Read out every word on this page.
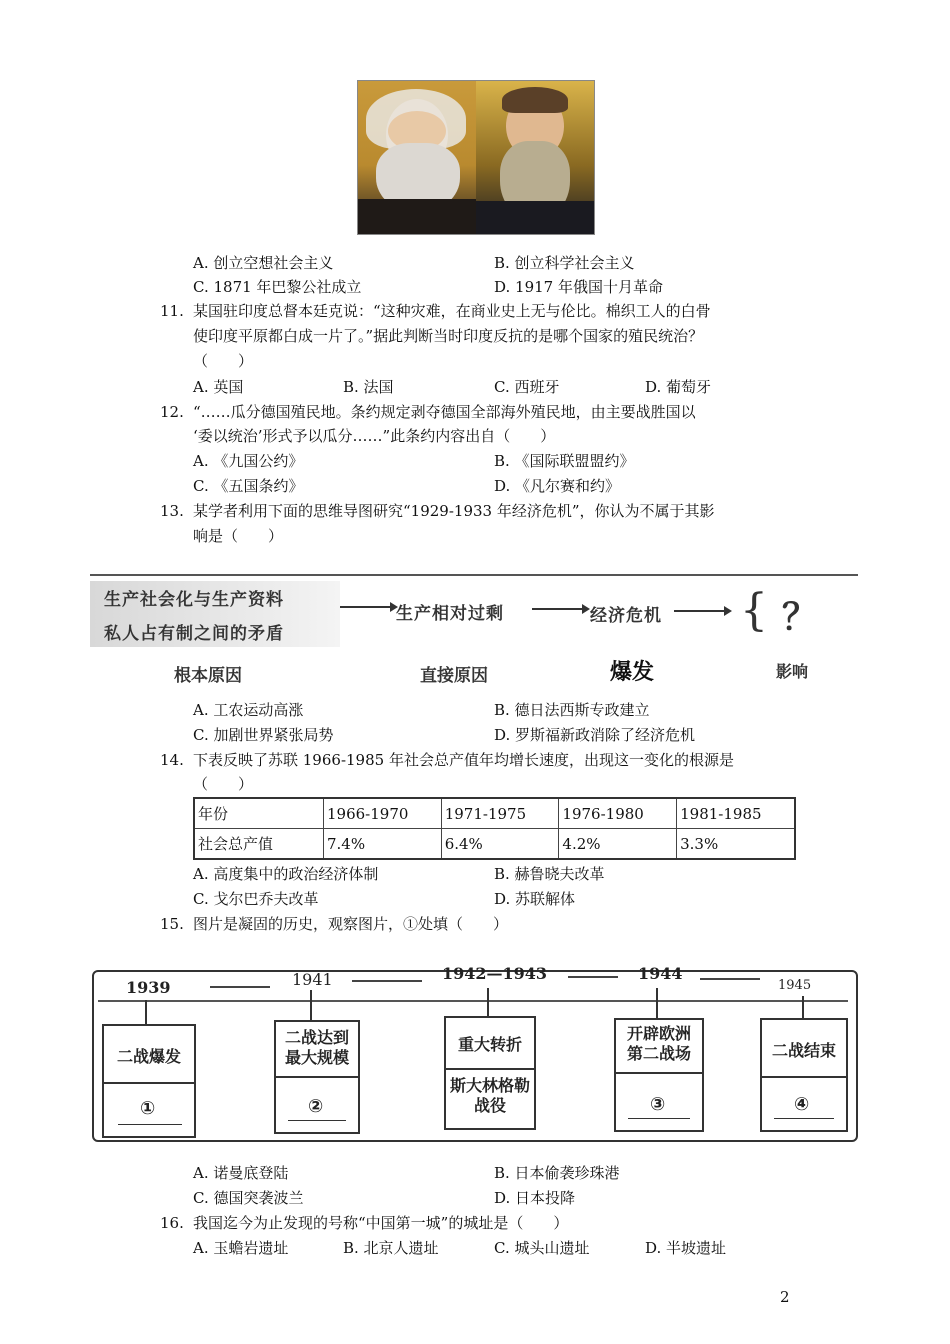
A. 创立空想社会主义	B. 创立科学社会主义
C. 1871 年巴黎公社成立	D. 1917 年俄国十月革命
11. 某国驻印度总督本廷克说：“这种灾难，在商业史上无与伦比。棉织工人的白骨
使印度平原都白成一片了。”据此判断当时印度反抗的是哪个国家的殖民统治？
（　　）
A. 英国	B. 法国	C. 西班牙	D. 葡萄牙
12. “……瓜分德国殖民地。条约规定剥夺德国全部海外殖民地，由主要战胜国以
‘委以统治’形式予以瓜分……”此条约内容出自（　　）
A. 《九国公约》	B. 《国际联盟盟约》
C. 《五国条约》	D. 《凡尔赛和约》
13. 某学者利用下面的思维导图研究“1929-1933 年经济危机”，你认为不属于其影
响是（　　）
生产社会化与生产资料
私人占有制之间的矛盾
生产相对过剩	经济危机 { ？
根本原因	直接原因	爆发	影响
A. 工农运动高涨	B. 德日法西斯专政建立
C. 加剧世界紧张局势	D. 罗斯福新政消除了经济危机
14. 下表反映了苏联 1966-1985 年社会总产值年均增长速度，出现这一变化的根源是
（　　）
年份	1966-1970	1971-1975	1976-1980	1981-1985
社会总产值	7.4%	6.4%	4.2%	3.3%
A. 高度集中的政治经济体制	B. 赫鲁晓夫改革
C. 戈尔巴乔夫改革	D. 苏联解体
15. 图片是凝固的历史，观察图片，①处填（　　）
1939	1941	1942—1943	1944
1945
二战爆发
①
二战达到最大规模
②
重大转折
斯大林格勒战役
开辟欧洲第二战场
③
二战结束
④
A. 诺曼底登陆	B. 日本偷袭珍珠港
C. 德国突袭波兰	D. 日本投降
16. 我国迄今为止发现的号称“中国第一城”的城址是（　　）
A. 玉蟾岩遗址	B. 北京人遗址	C. 城头山遗址	D. 半坡遗址
2
